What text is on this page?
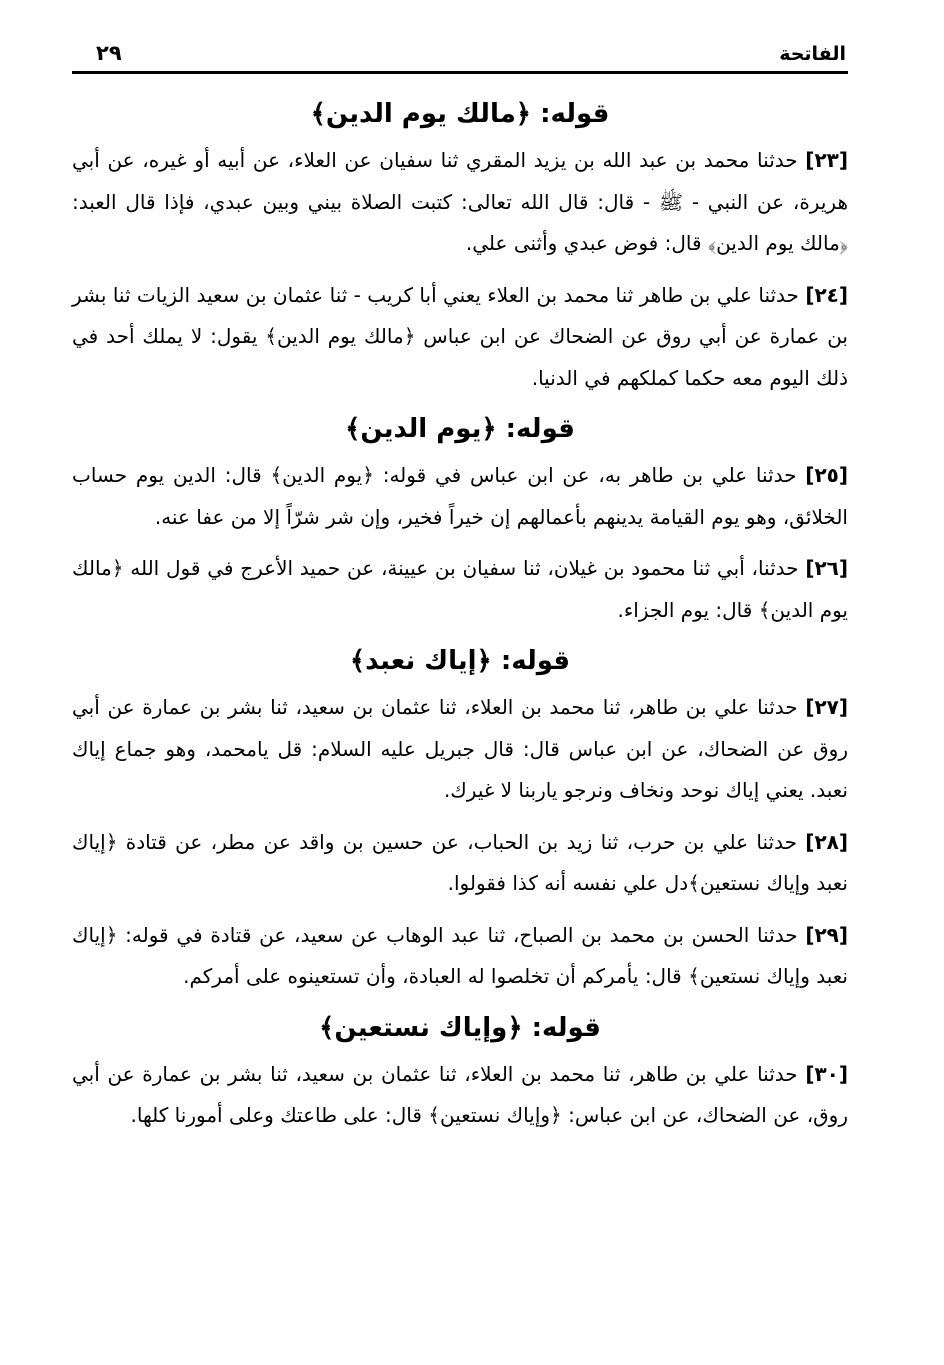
الفاتحة
٢٩
قوله: ﴿مالك يوم الدين﴾

[٢٣] حدثنا محمد بن عبد الله بن يزيد المقري ثنا سفيان عن العلاء، عن أبيه أو غيره، عن أبي هريرة، عن النبي - ﷺ - قال: قال الله تعالى: كتبت الصلاة بيني وبين عبدي، فإذا قال العبد: ﴿مالك يوم الدين﴾ قال: فوض عبدي وأثنى علي.

[٢٤] حدثنا علي بن طاهر ثنا محمد بن العلاء يعني أبا كريب - ثنا عثمان بن سعيد الزيات ثنا بشر بن عمارة عن أبي روق عن الضحاك عن ابن عباس ﴿مالك يوم الدين﴾ يقول: لا يملك أحد في ذلك اليوم معه حكما كملكهم في الدنيا.

قوله: ﴿يوم الدين﴾

[٢٥] حدثنا علي بن طاهر به، عن ابن عباس في قوله: ﴿يوم الدين﴾ قال: الدين يوم حساب الخلائق، وهو يوم القيامة يدينهم بأعمالهم إن خيراً فخير، وإن شر شرّاً إلا من عفا عنه.

[٢٦] حدثنا، أبي ثنا محمود بن غيلان، ثنا سفيان بن عيينة، عن حميد الأعرج في قول الله ﴿مالك يوم الدين﴾ قال: يوم الجزاء.

قوله: ﴿إياك نعبد﴾

[٢٧] حدثنا علي بن طاهر، ثنا محمد بن العلاء، ثنا عثمان بن سعيد، ثنا بشر بن عمارة عن أبي روق عن الضحاك، عن ابن عباس قال: قال جبريل عليه السلام: قل يامحمد، وهو جماع إياك نعبد. يعني إياك نوحد ونخاف ونرجو ياربنا لا غيرك.

[٢٨] حدثنا علي بن حرب، ثنا زيد بن الحباب، عن حسين بن واقد عن مطر، عن قتادة ﴿إياك نعبد وإياك نستعين﴾دل علي نفسه أنه كذا فقولوا.

[٢٩] حدثنا الحسن بن محمد بن الصباح، ثنا عبد الوهاب عن سعيد، عن قتادة في قوله: ﴿إياك نعبد وإياك نستعين﴾ قال: يأمركم أن تخلصوا له العبادة، وأن تستعينوه على أمركم.

قوله: ﴿وإياك نستعين﴾

[٣٠] حدثنا علي بن طاهر، ثنا محمد بن العلاء، ثنا عثمان بن سعيد، ثنا بشر بن عمارة عن أبي روق، عن الضحاك، عن ابن عباس: ﴿وإياك نستعين﴾ قال: على طاعتك وعلى أمورنا كلها.
